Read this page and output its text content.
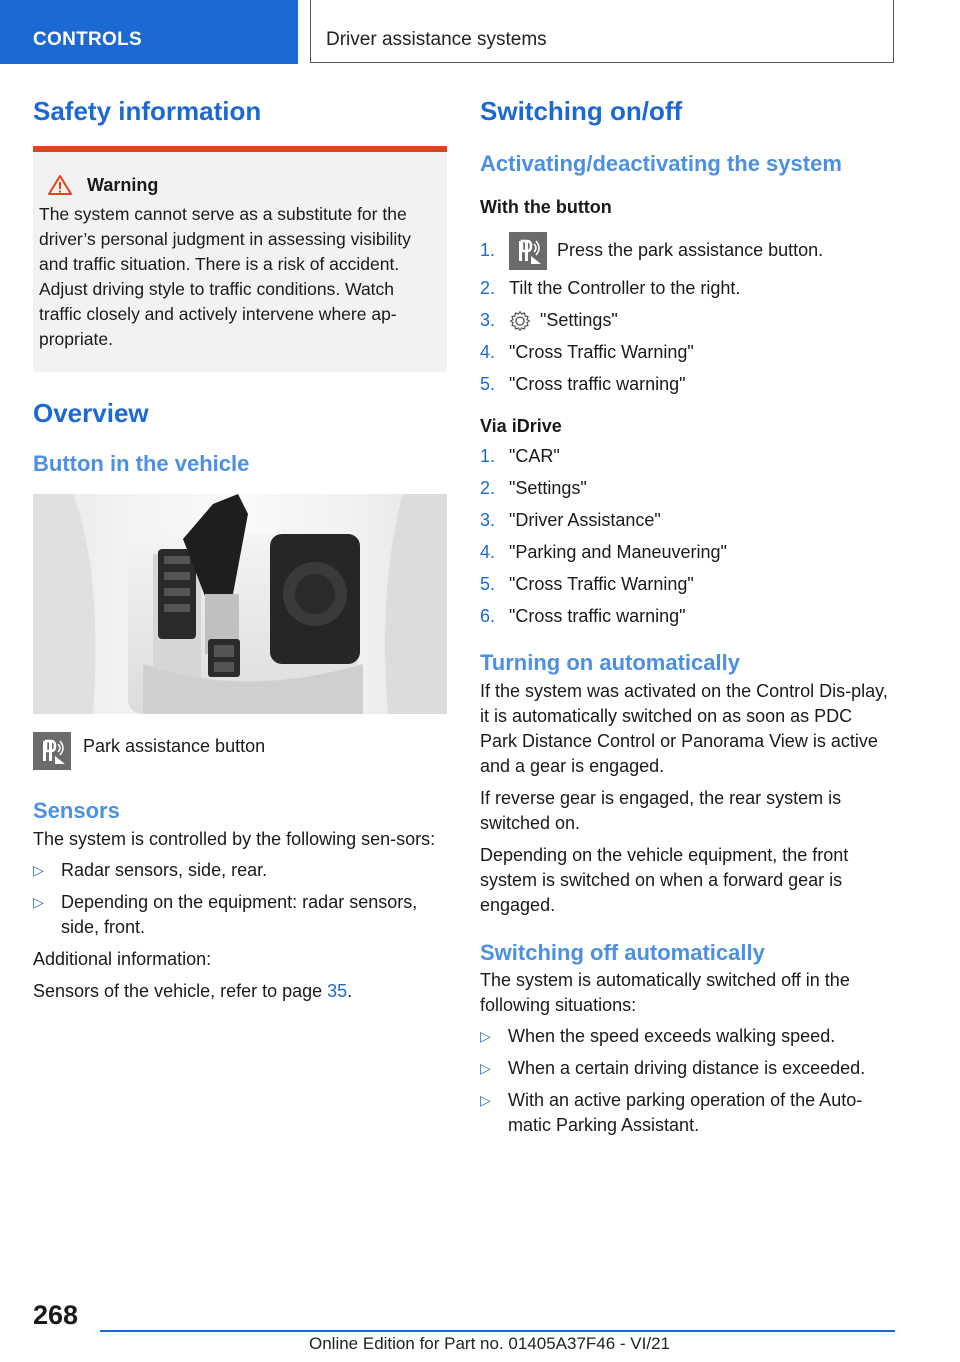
CONTROLS	Driver assistance systems
Safety information
Warning

The system cannot serve as a substitute for the driver’s personal judgment in assessing visibility and traffic situation. There is a risk of accident. Adjust driving style to traffic conditions. Watch traffic closely and actively intervene where ap‐propriate.

Overview
Button in the vehicle

Park assistance button

Sensors

The system is controlled by the following sen‐sors:

▷ Radar sensors, side, rear.
▷ Depending on the equipment: radar sensors, side, front.

Additional information:

Sensors of the vehicle, refer to page 35.

Switching on/off
Activating/deactivating the system
With the button
1.	Press the park assistance button.
2. Tilt the Controller to the right.
3.	"Settings"
4. "Cross Traffic Warning"
5. "Cross traffic warning"
Via iDrive
1. "CAR"
2. "Settings"
3. "Driver Assistance"
4. "Parking and Maneuvering"
5. "Cross Traffic Warning"
6. "Cross traffic warning"
Turning on automatically

If the system was activated on the Control Dis‐play, it is automatically switched on as soon as PDC Park Distance Control or Panorama View is active and a gear is engaged.

If reverse gear is engaged, the rear system is switched on.

Depending on the vehicle equipment, the front system is switched on when a forward gear is engaged.

Switching off automatically

The system is automatically switched off in the following situations:

▷ When the speed exceeds walking speed.
▷ When a certain driving distance is exceeded.
▷ With an active parking operation of the Auto‐matic Parking Assistant.
268
Online Edition for Part no. 01405A37F46 - VI/21
